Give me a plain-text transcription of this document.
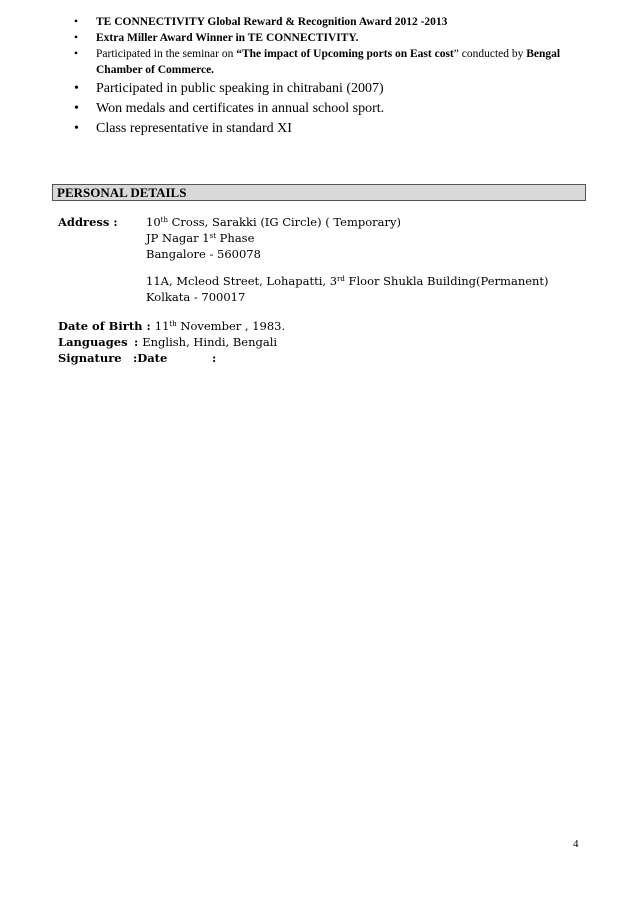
• TE CONNECTIVITY Global Reward & Recognition Award 2012 -2013
• Extra Miller Award Winner in TE CONNECTIVITY.
• Participated in the seminar on “The impact of Upcoming ports on East cost” conducted by Bengal Chamber of Commerce.
• Participated in public speaking in chitrabani (2007)
• Won medals and certificates in annual school sport.
• Class representative in standard XI
PERSONAL DETAILS
Address : 10th Cross, Sarakki (IG Circle) ( Temporary)
JP Nagar 1st Phase
Bangalore - 560078
11A, Mcleod Street, Lohapatti, 3rd Floor Shukla Building(Permanent)
Kolkata - 700017
Date of Birth : 11th November , 1983.
Languages : English, Hindi, Bengali
Signature :Date	:
4
